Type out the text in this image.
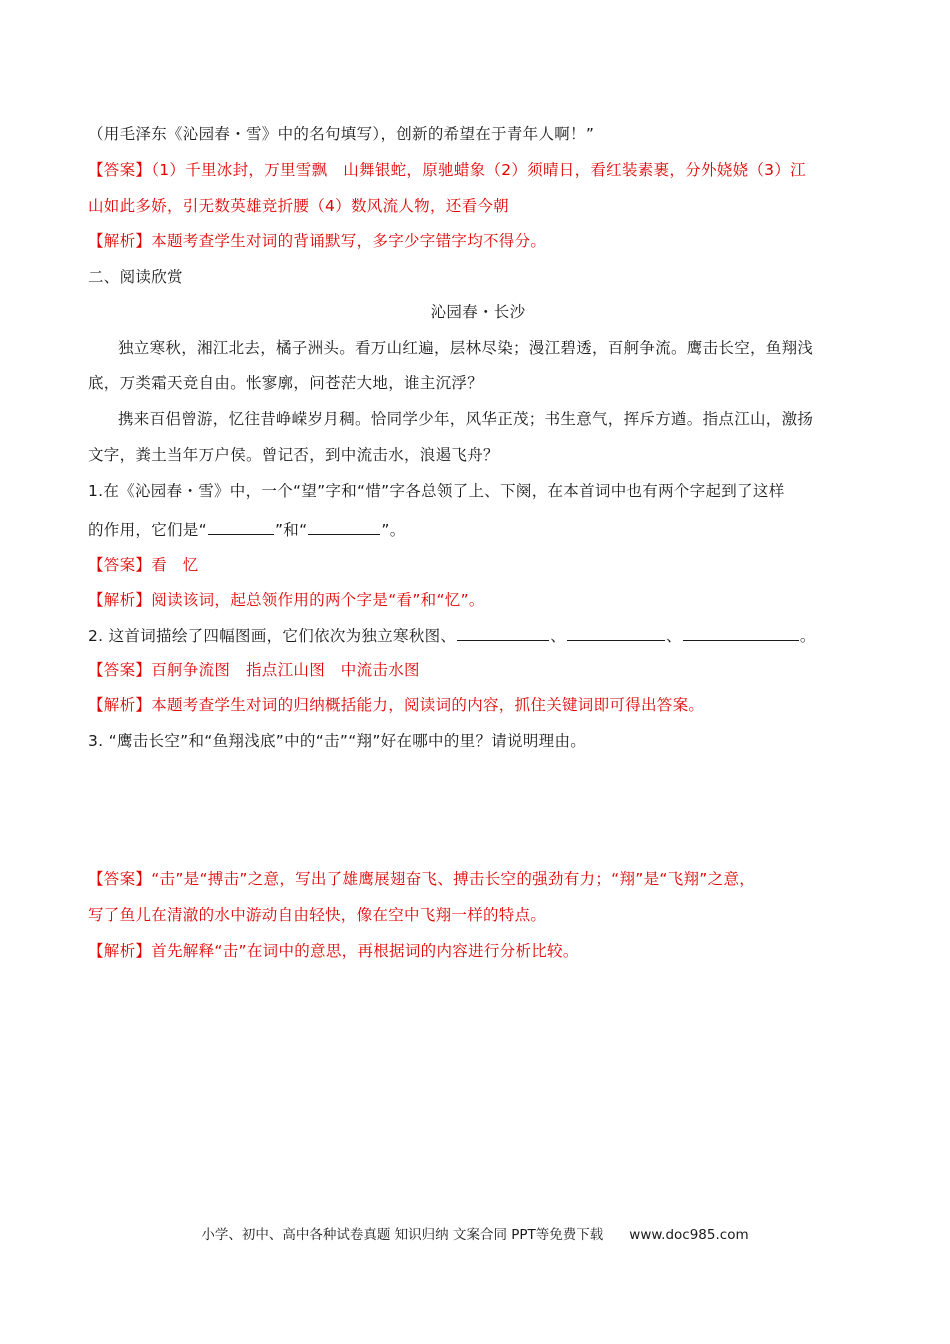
（用毛泽东《沁园春・雪》中的名句填写），创新的希望在于青年人啊！”
【答案】（1）千里冰封，万里雪飘　山舞银蛇，原驰蜡象（2）须晴日，看红装素裹，分外娆娆（3）江
山如此多娇，引无数英雄竞折腰（4）数风流人物，还看今朝
【解析】本题考查学生对词的背诵默写，多字少字错字均不得分。
二、阅读欣赏
沁园春・长沙
独立寒秋，湘江北去，橘子洲头。看万山红遍，层林尽染；漫江碧透，百舸争流。鹰击长空，鱼翔浅
底，万类霜天竞自由。怅寥廓，问苍茫大地，谁主沉浮？
携来百侣曾游，忆往昔峥嵘岁月稠。恰同学少年，风华正茂；书生意气，挥斥方遒。指点江山，激扬
文字，粪土当年万户侯。曾记否，到中流击水，浪遏飞舟？
1.在《沁园春・雪》中，一个“望”字和“惜”字各总领了上、下阕，在本首词中也有两个字起到了这样
的作用，它们是“	”和“	”。
【答案】看　忆
【解析】阅读该词，起总领作用的两个字是“看”和“忆”。
2. 这首词描绘了四幅图画，它们依次为独立寒秋图、	、	、	。
【答案】百舸争流图　指点江山图　中流击水图
【解析】本题考查学生对词的归纳概括能力，阅读词的内容，抓住关键词即可得出答案。
3. “鹰击长空”和“鱼翔浅底”中的“击”“翔”好在哪中的里？请说明理由。
【答案】“击”是“搏击”之意，写出了雄鹰展翅奋飞、搏击长空的强劲有力；“翔”是“飞翔”之意，
写了鱼儿在清澈的水中游动自由轻快，像在空中飞翔一样的特点。
【解析】首先解释“击”在词中的意思，再根据词的内容进行分析比较。
小学、初中、高中各种试卷真题 知识归纳 文案合同 PPT等免费下载 www.doc985.com
